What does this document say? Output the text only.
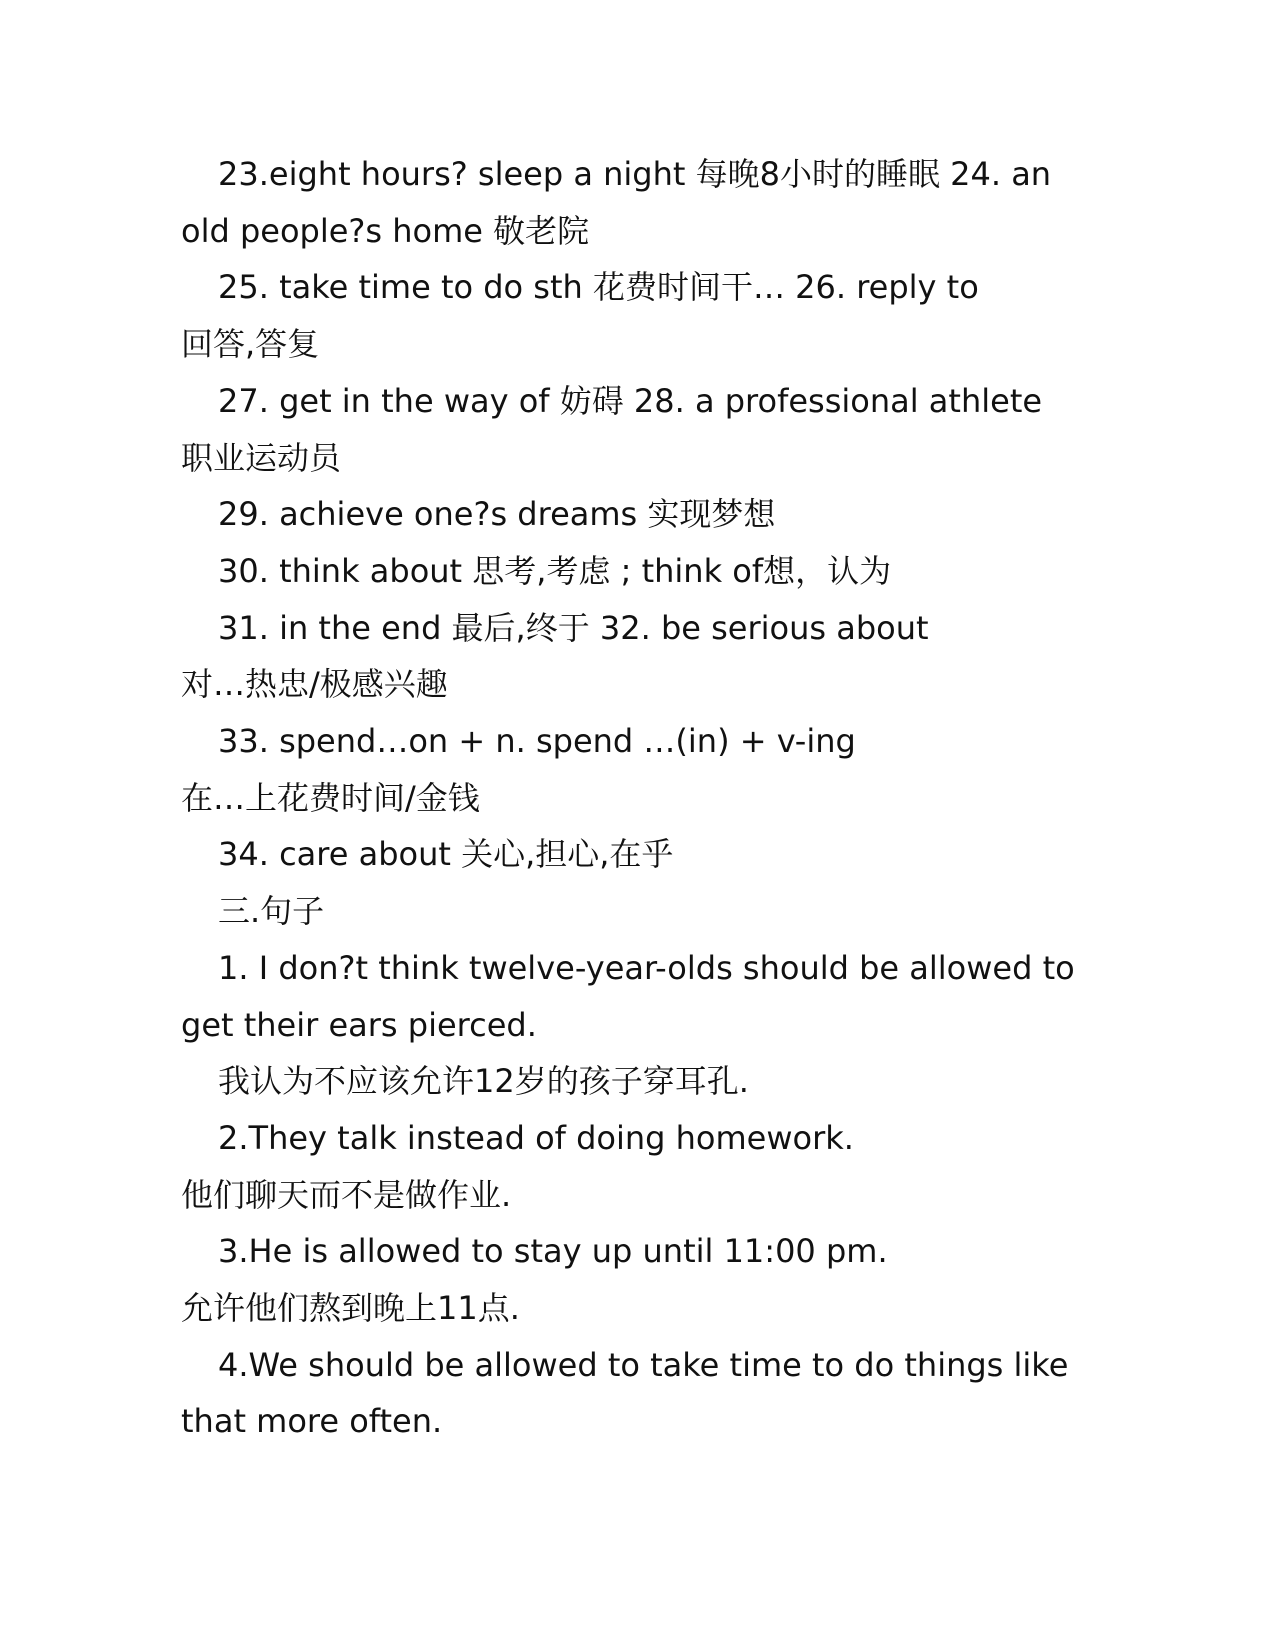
23.eight hours? sleep a night 每晚8小时的睡眠 24. an
old people?s home 敬老院
25. take time to do sth 花费时间干… 26. reply to
回答,答复
27. get in the way of 妨碍 28. a professional athlete
职业运动员
29. achieve one?s dreams 实现梦想
30. think about 思考,考虑 ; think of想，认为
31. in the end 最后,终于 32. be serious about
对…热忠/极感兴趣
33. spend…on + n. spend …(in) + v-ing
在…上花费时间/金钱
34. care about 关心,担心,在乎
三.句子
1. I don?t think twelve-year-olds should be allowed to
get their ears pierced.
我认为不应该允许12岁的孩子穿耳孔.
2.They talk instead of doing homework.
他们聊天而不是做作业.
3.He is allowed to stay up until 11:00 pm.
允许他们熬到晚上11点.
4.We should be allowed to take time to do things like
that more often.
